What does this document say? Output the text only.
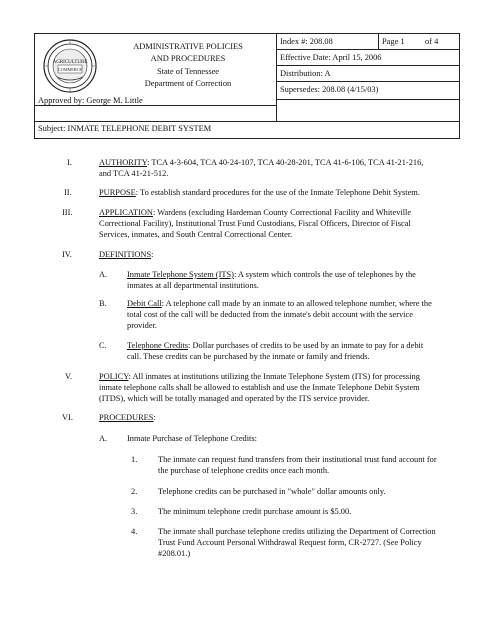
AGRICULTURE
COMMERCE
ADMINISTRATIVE POLICIES
AND PROCEDURES
State of Tennessee
Department of Correction
Index #: 208.08	Page 1 of 4
Effective Date: April 15, 2006
Distribution: A
Supersedes: 208.08 (4/15/03)
Approved by: George M. Little
Subject: INMATE TELEPHONE DEBIT SYSTEM
I.	AUTHORITY: TCA 4-3-604, TCA 40-24-107, TCA 40-28-201, TCA 41-6-106, TCA 41-21-216,
and TCA 41-21-512.
II.	PURPOSE: To establish standard procedures for the use of the Inmate Telephone Debit System.
III.	APPLICATION: Wardens (excluding Hardeman County Correctional Facility and Whiteville
Correctional Facility), Institutional Trust Fund Custodians, Fiscal Officers, Director of Fiscal
Services, inmates, and South Central Correctional Center.
IV.	DEFINITIONS:
A. Inmate Telephone System (ITS): A system which controls the use of telephones by the
inmates at all departmental institutions.
B. Debit Call: A telephone call made by an inmate to an allowed telephone number, where the
total cost of the call will be deducted from the inmate's debit account with the service
provider.
C. Telephone Credits: Dollar purchases of credits to be used by an inmate to pay for a debit
call. These credits can be purchased by the inmate or family and friends.
V.	POLICY: All inmates at institutions utilizing the Inmate Telephone System (ITS) for processing
inmate telephone calls shall be allowed to establish and use the Inmate Telephone Debit System
(ITDS), which will be totally managed and operated by the ITS service provider.
VI.	PROCEDURES:
A. Inmate Purchase of Telephone Credits:
1. The inmate can request fund transfers from their institutional trust fund account for
the purchase of telephone credits once each month.
2. Telephone credits can be purchased in "whole" dollar amounts only.
3. The minimum telephone credit purchase amount is $5.00.
4. The inmate shall purchase telephone credits utilizing the Department of Correction
Trust Fund Account Personal Withdrawal Request form, CR-2727. (See Policy
#208.01.)
